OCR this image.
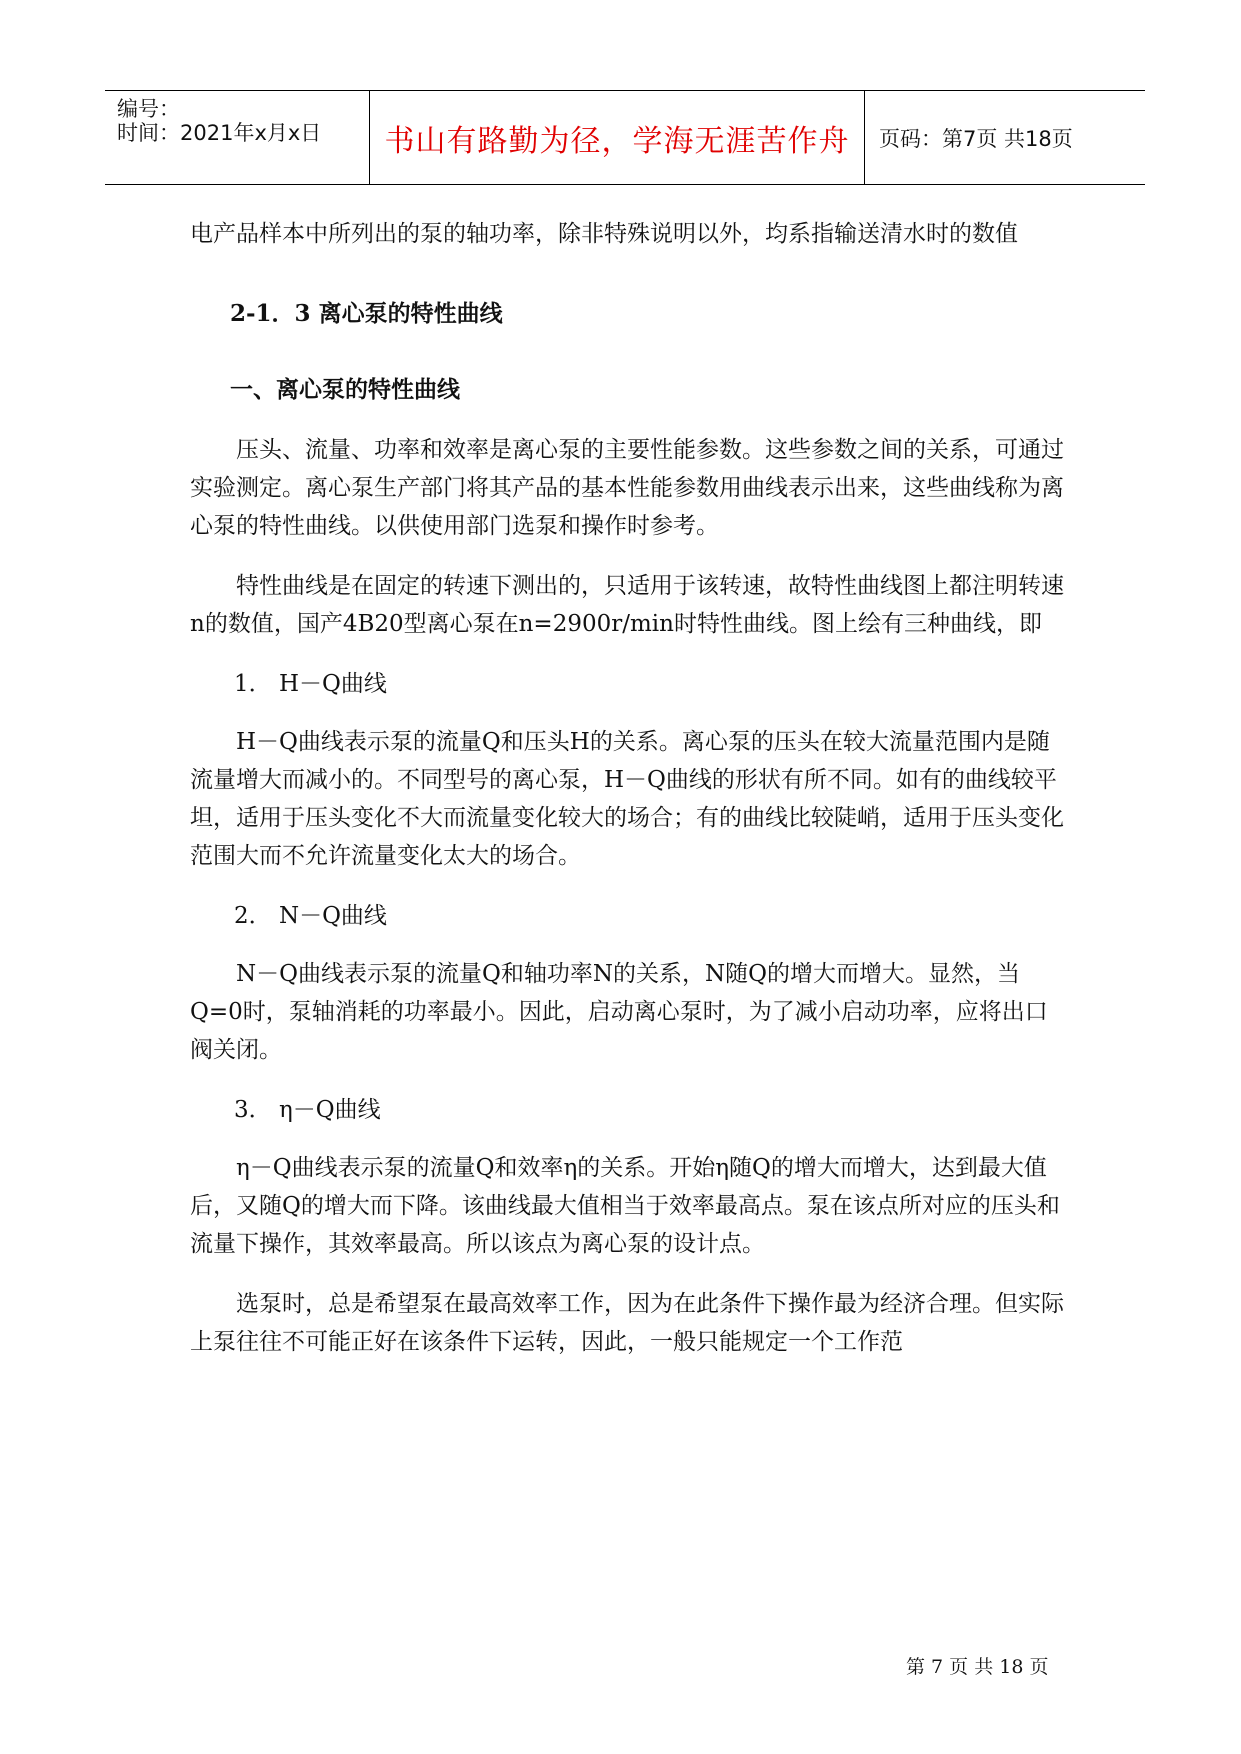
编号：
时间：2021年x月x日 书山有路勤为径，学海无涯苦作舟 页码：第7页 共18页

电产品样本中所列出的泵的轴功率，除非特殊说明以外，均系指输送清水时的数值

2-1．3 离心泵的特性曲线

一、离心泵的特性曲线

压头、流量、功率和效率是离心泵的主要性能参数。这些参数之间的关系，可通过实验测定。离心泵生产部门将其产品的基本性能参数用曲线表示出来，这些曲线称为离心泵的特性曲线。以供使用部门选泵和操作时参考。

特性曲线是在固定的转速下测出的，只适用于该转速，故特性曲线图上都注明转速n的数值，国产4B20型离心泵在n=2900r/min时特性曲线。图上绘有三种曲线，即

1． H－Q曲线

H－Q曲线表示泵的流量Q和压头H的关系。离心泵的压头在较大流量范围内是随流量增大而减小的。不同型号的离心泵，H－Q曲线的形状有所不同。如有的曲线较平坦，适用于压头变化不大而流量变化较大的场合；有的曲线比较陡峭，适用于压头变化范围大而不允许流量变化太大的场合。

2． N－Q曲线

N－Q曲线表示泵的流量Q和轴功率N的关系，N随Q的增大而增大。显然，当Q=0时，泵轴消耗的功率最小。因此，启动离心泵时，为了减小启动功率，应将出口阀关闭。

3． η－Q曲线

η－Q曲线表示泵的流量Q和效率η的关系。开始η随Q的增大而增大，达到最大值后，又随Q的增大而下降。该曲线最大值相当于效率最高点。泵在该点所对应的压头和流量下操作，其效率最高。所以该点为离心泵的设计点。

选泵时，总是希望泵在最高效率工作，因为在此条件下操作最为经济合理。但实际上泵往往不可能正好在该条件下运转，因此，一般只能规定一个工作范

第 7 页 共 18 页
